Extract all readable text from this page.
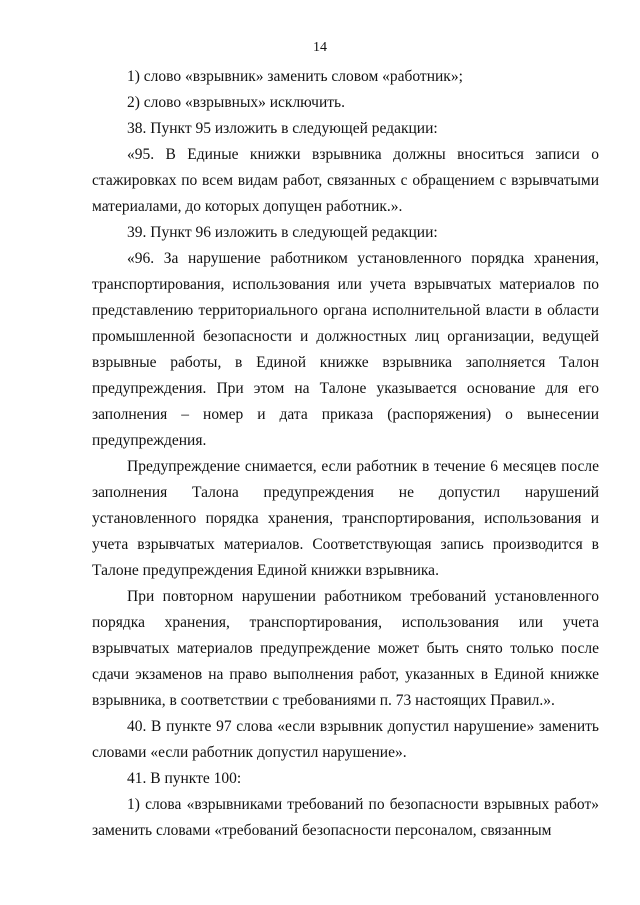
14

1) слово «взрывник» заменить словом «работник»;

2) слово «взрывных» исключить.

38. Пункт 95 изложить в следующей редакции:

«95. В Единые книжки взрывника должны вноситься записи о стажировках по всем видам работ, связанных с обращением с взрывчатыми материалами, до которых допущен работник.».

39. Пункт 96 изложить в следующей редакции:

«96. За нарушение работником установленного порядка хранения, транспортирования, использования или учета взрывчатых материалов по представлению территориального органа исполнительной власти в области промышленной безопасности и должностных лиц организации, ведущей взрывные работы, в Единой книжке взрывника заполняется Талон предупреждения. При этом на Талоне указывается основание для его заполнения – номер и дата приказа (распоряжения) о вынесении предупреждения.

Предупреждение снимается, если работник в течение 6 месяцев после заполнения Талона предупреждения не допустил нарушений установленного порядка хранения, транспортирования, использования и учета взрывчатых материалов. Соответствующая запись производится в Талоне предупреждения Единой книжки взрывника.

При повторном нарушении работником требований установленного порядка хранения, транспортирования, использования или учета взрывчатых материалов предупреждение может быть снято только после сдачи экзаменов на право выполнения работ, указанных в Единой книжке взрывника, в соответствии с требованиями п. 73 настоящих Правил.».

40. В пункте 97 слова «если взрывник допустил нарушение» заменить словами «если работник допустил нарушение».

41. В пункте 100:

1) слова «взрывниками требований по безопасности взрывных работ» заменить словами «требований безопасности персоналом, связанным
